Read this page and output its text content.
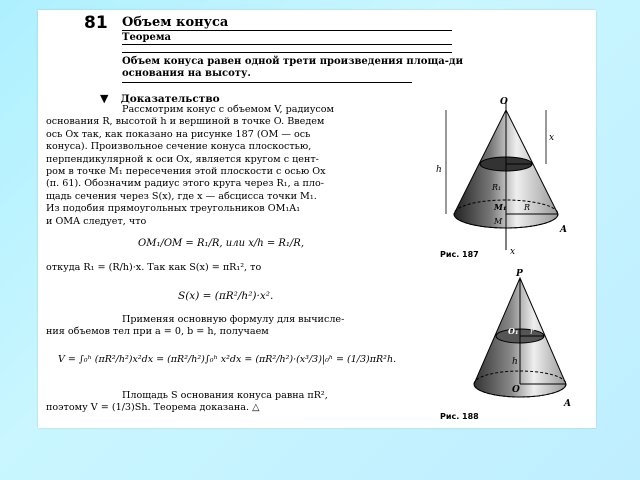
81 Объем конуса
Теорема
Объем конуса равен одной трети произведения площа-ди основания на высоту.
▼ Доказательство
Рассмотрим конус с объемом V, радиусом
основания R, высотой h и вершиной в точке O. Введем
ось Ox так, как показано на рисунке 187 (OM — ось
конуса). Произвольное сечение конуса плоскостью,
перпендикулярной к оси Ox, является кругом с цент-
ром в точке M₁ пересечения этой плоскости с осью Ox
(п. 61). Обозначим радиус этого круга через R₁, а пло-
щадь сечения через S(x), где x — абсцисса точки M₁.
Из подобия прямоугольных треугольников OM₁A₁
и OMA следует, что
OM₁/OM = R₁/R, или x/h = R₁/R,
откуда R₁ = (R/h)·x. Так как S(x) = πR₁², то
S(x) = (πR²/h²)·x².
Применяя основную формулу для вычисле-
ния объемов тел при a = 0, b = h, получаем
V = ∫₀ʰ (πR²/h²)x²dx = (πR²/h²)∫₀ʰ x²dx = (πR²/h²)·(x³/3)|₀ʰ = (1/3)πR²h.
Площадь S основания конуса равна πR²,
поэтому V = (1/3)Sh. Теорема доказана. △
O
x
h
R₁
M₁ R
M
A
x
Рис. 187
P
O₁ r
h
O
A
Рис. 188
